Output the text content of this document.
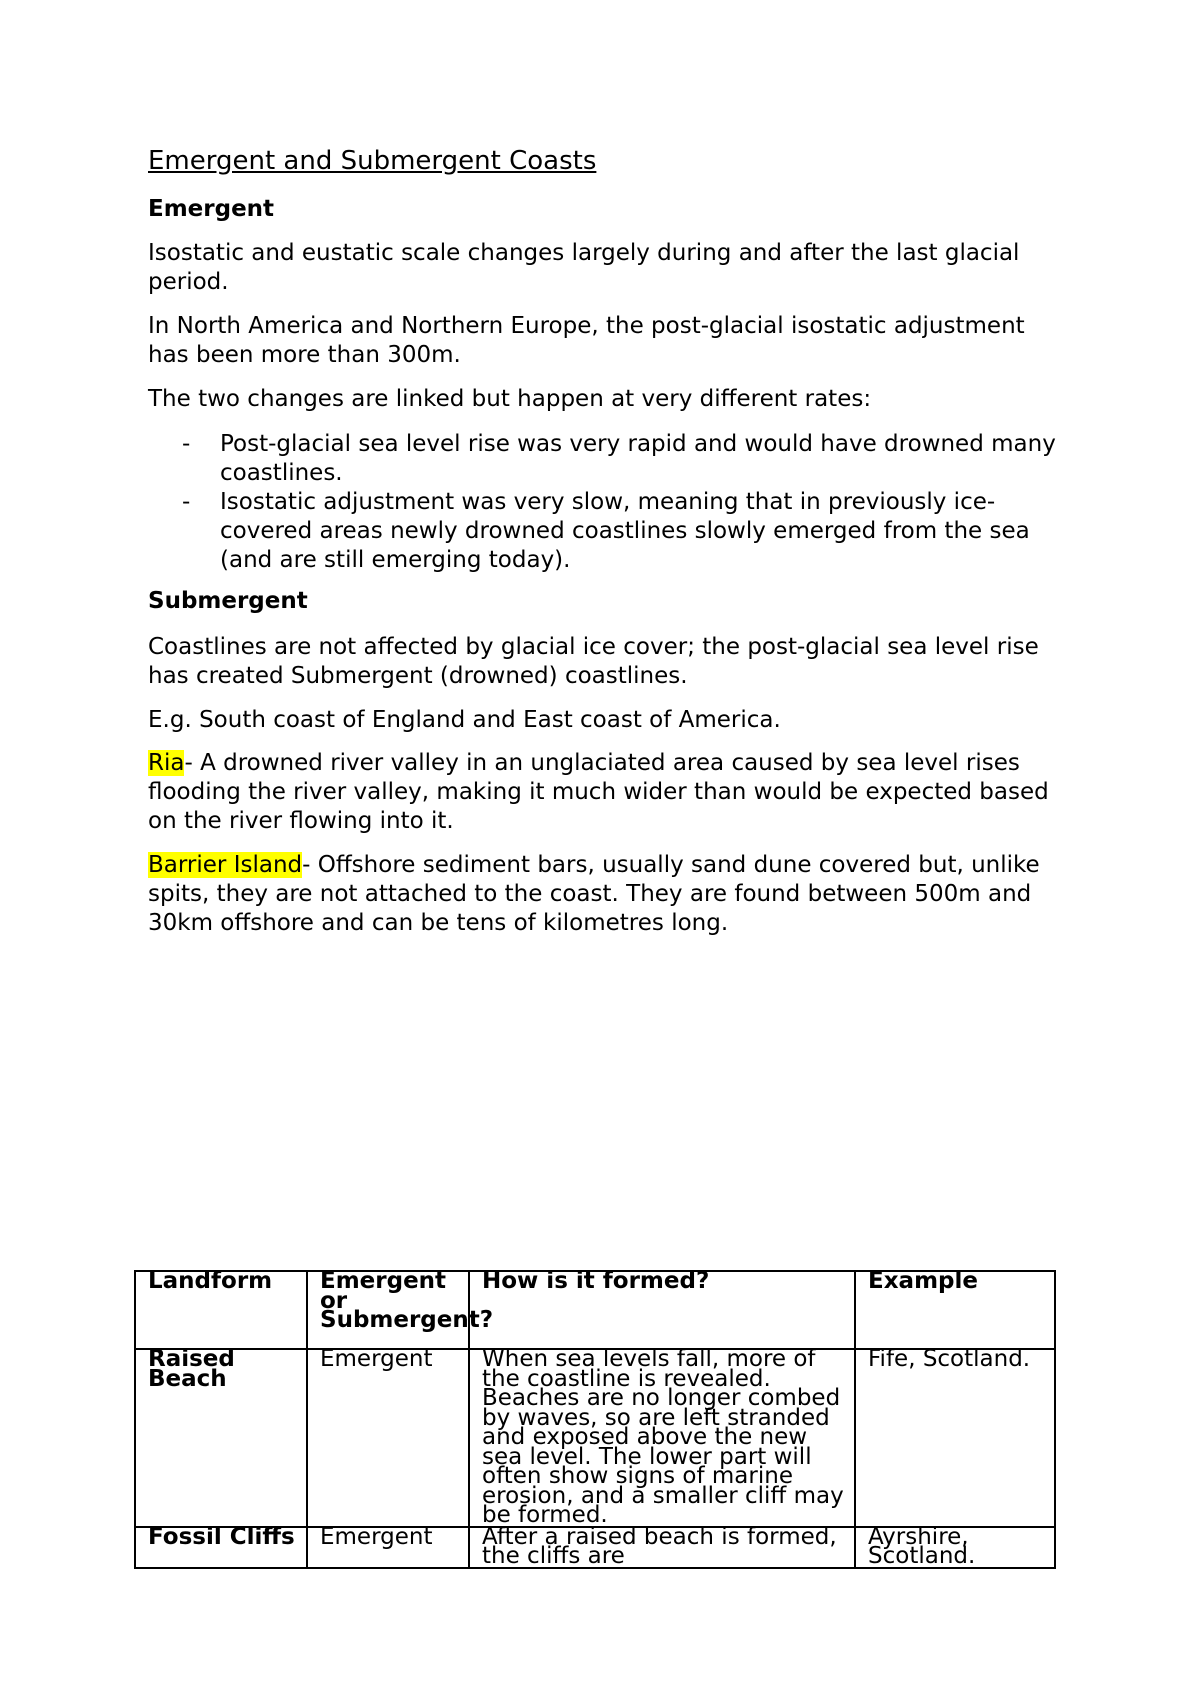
Emergent and Submergent Coasts
Emergent

Isostatic and eustatic scale changes largely during and after the last glacial period.

In North America and Northern Europe, the post-glacial isostatic adjustment has been more than 300m.

The two changes are linked but happen at very different rates:

- Post-glacial sea level rise was very rapid and would have drowned many coastlines.
- Isostatic adjustment was very slow, meaning that in previously ice-covered areas newly drowned coastlines slowly emerged from the sea (and are still emerging today).
Submergent

Coastlines are not affected by glacial ice cover; the post-glacial sea level rise has created Submergent (drowned) coastlines.

E.g. South coast of England and East coast of America.

Ria- A drowned river valley in an unglaciated area caused by sea level rises flooding the river valley, making it much wider than would be expected based on the river flowing into it.

Barrier Island- Offshore sediment bars, usually sand dune covered but, unlike spits, they are not attached to the coast. They are found between 500m and 30km offshore and can be tens of kilometres long.

Landform	Emergent or Submergent?	How is it formed?	Example
Raised Beach	Emergent	When sea levels fall, more of the coastline is revealed. Beaches are no longer combed by waves, so are left stranded and exposed above the new sea level. The lower part will often show signs of marine erosion, and a smaller cliff may be formed.	Fife, Scotland.
Fossil Cliffs	Emergent	After a raised beach is formed, the cliffs are	Ayrshire, Scotland.
